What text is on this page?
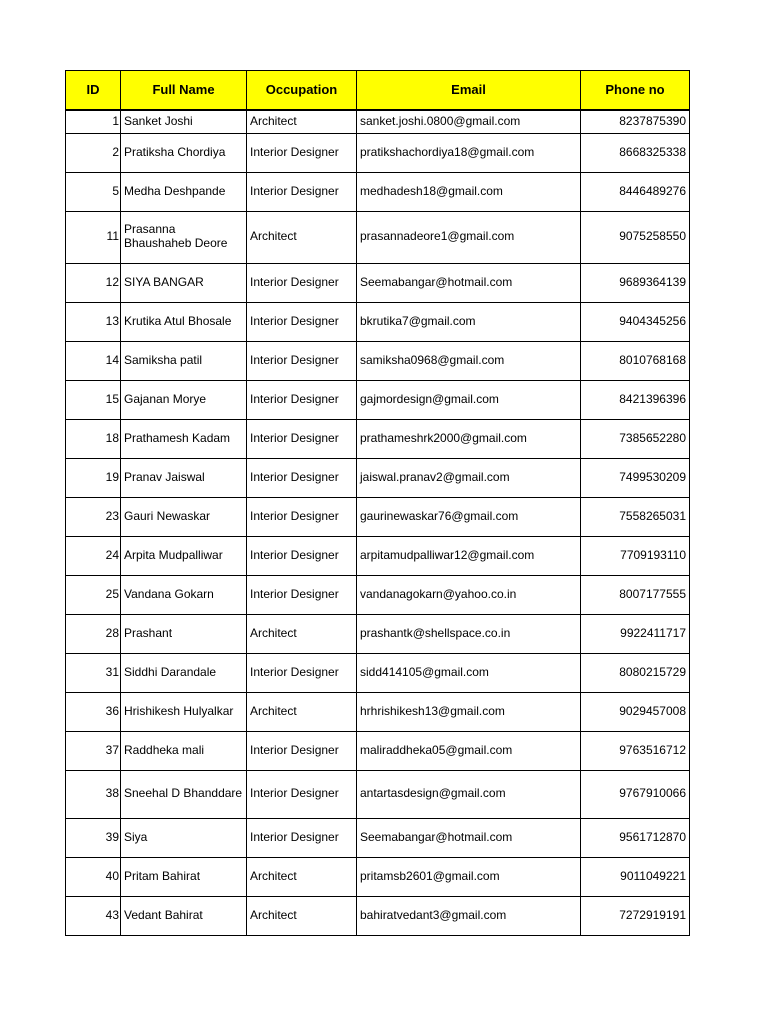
ID	Full Name	Occupation	Email	Phone no
1	Sanket Joshi	Architect	sanket.joshi.0800@gmail.com	8237875390
2	Pratiksha Chordiya	Interior Designer	pratikshachordiya18@gmail.com	8668325338
5	Medha Deshpande	Interior Designer	medhadesh18@gmail.com	8446489276
11	Prasanna Bhaushaheb Deore	Architect	prasannadeore1@gmail.com	9075258550
12	SIYA BANGAR	Interior Designer	Seemabangar@hotmail.com	9689364139
13	Krutika Atul Bhosale	Interior Designer	bkrutika7@gmail.com	9404345256
14	Samiksha patil	Interior Designer	samiksha0968@gmail.com	8010768168
15	Gajanan Morye	Interior Designer	gajmordesign@gmail.com	8421396396
18	Prathamesh Kadam	Interior Designer	prathameshrk2000@gmail.com	7385652280
19	Pranav Jaiswal	Interior Designer	jaiswal.pranav2@gmail.com	7499530209
23	Gauri Newaskar	Interior Designer	gaurinewaskar76@gmail.com	7558265031
24	Arpita Mudpalliwar	Interior Designer	arpitamudpalliwar12@gmail.com	7709193110
25	Vandana Gokarn	Interior Designer	vandanagokarn@yahoo.co.in	8007177555
28	Prashant	Architect	prashantk@shellspace.co.in	9922411717
31	Siddhi Darandale	Interior Designer	sidd414105@gmail.com	8080215729
36	Hrishikesh Hulyalkar	Architect	hrhrishikesh13@gmail.com	9029457008
37	Raddheka mali	Interior Designer	maliraddheka05@gmail.com	9763516712
38	Sneehal D Bhanddare	Interior Designer	antartasdesign@gmail.com	9767910066
39	Siya	Interior Designer	Seemabangar@hotmail.com	9561712870
40	Pritam Bahirat	Architect	pritamsb2601@gmail.com	9011049221
43	Vedant Bahirat	Architect	bahiratvedant3@gmail.com	7272919191
